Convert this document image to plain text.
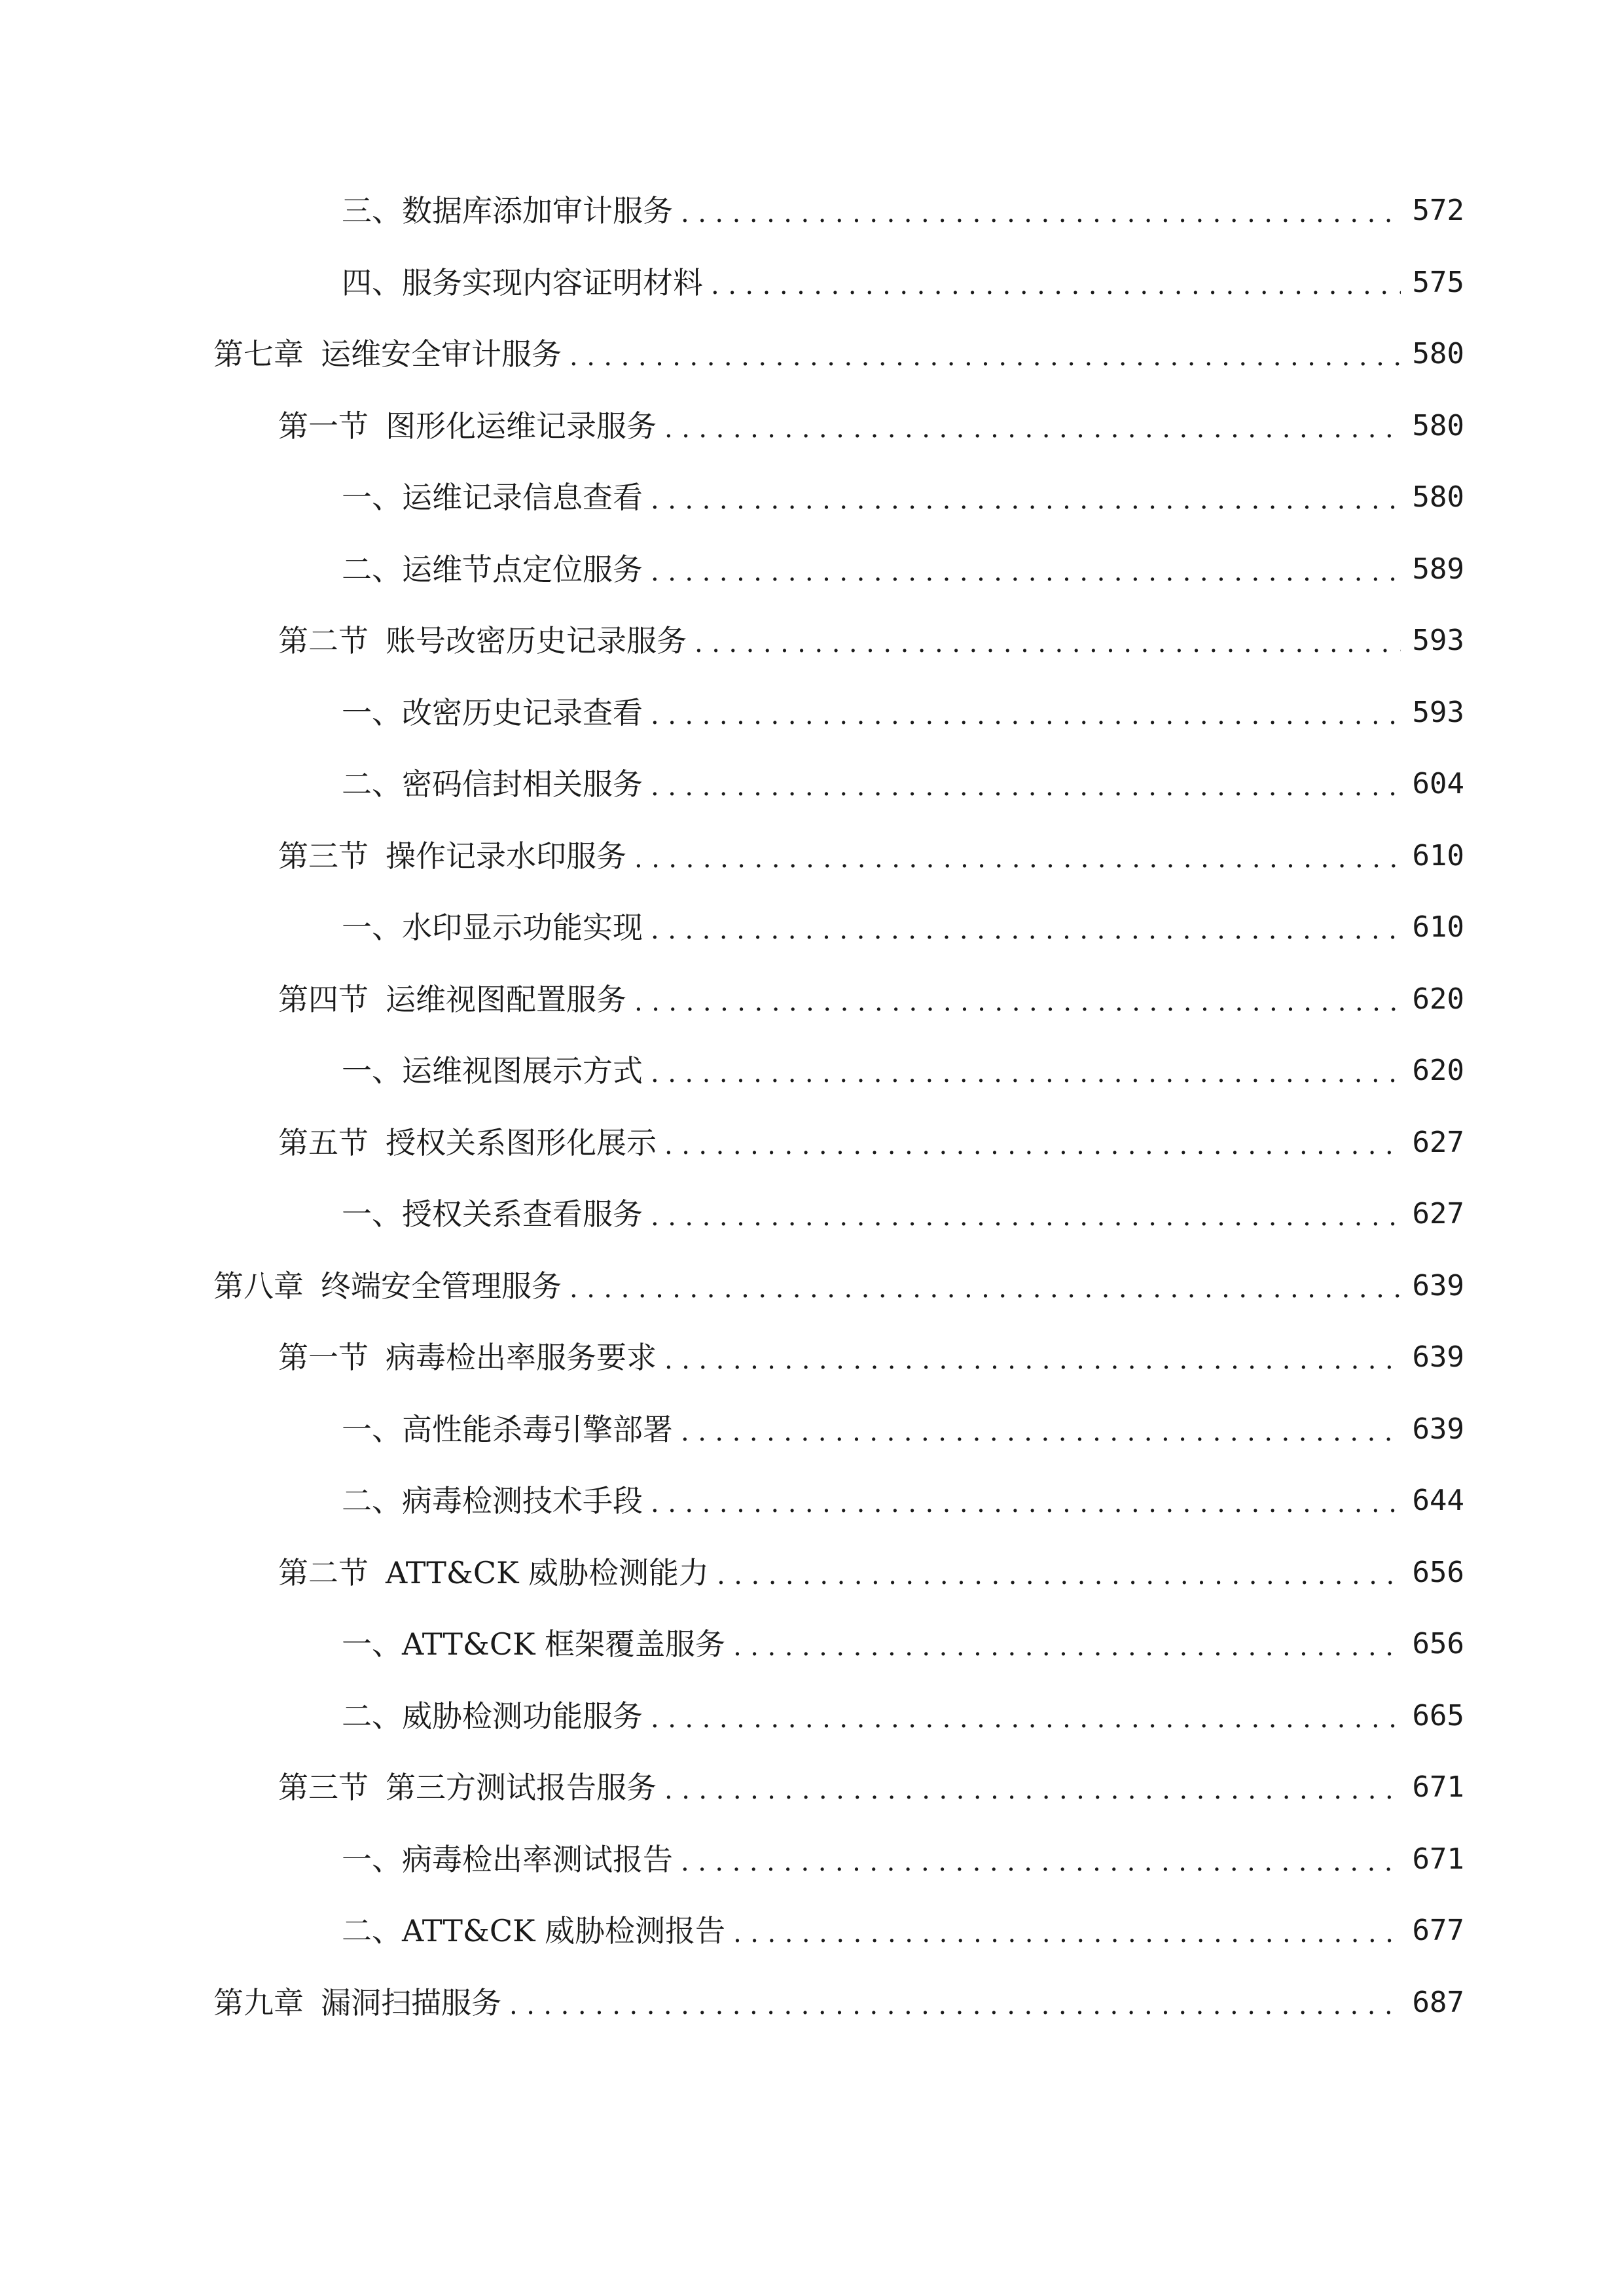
三、 数据库添加审计服务 .....	572
四、 服务实现内容证明材料 .....	575
第七章 运维安全审计服务 .....	580
第一节 图形化运维记录服务 .....	580
一、 运维记录信息查看 .....	580
二、 运维节点定位服务 .....	589
第二节 账号改密历史记录服务 .....	593
一、 改密历史记录查看 .....	593
二、 密码信封相关服务 .....	604
第三节 操作记录水印服务 .....	610
一、 水印显示功能实现 .....	610
第四节 运维视图配置服务 .....	620
一、 运维视图展示方式 .....	620
第五节 授权关系图形化展示 .....	627
一、 授权关系查看服务 .....	627
第八章 终端安全管理服务 .....	639
第一节 病毒检出率服务要求 .....	639
一、 高性能杀毒引擎部署 .....	639
二、 病毒检测技术手段 .....	644
第二节 ATT&CK 威胁检测能力 .....	656
一、 ATT&CK 框架覆盖服务 .....	656
二、 威胁检测功能服务 .....	665
第三节 第三方测试报告服务 .....	671
一、 病毒检出率测试报告 .....	671
二、 ATT&CK 威胁检测报告 .....	677
第九章 漏洞扫描服务 .....	687
